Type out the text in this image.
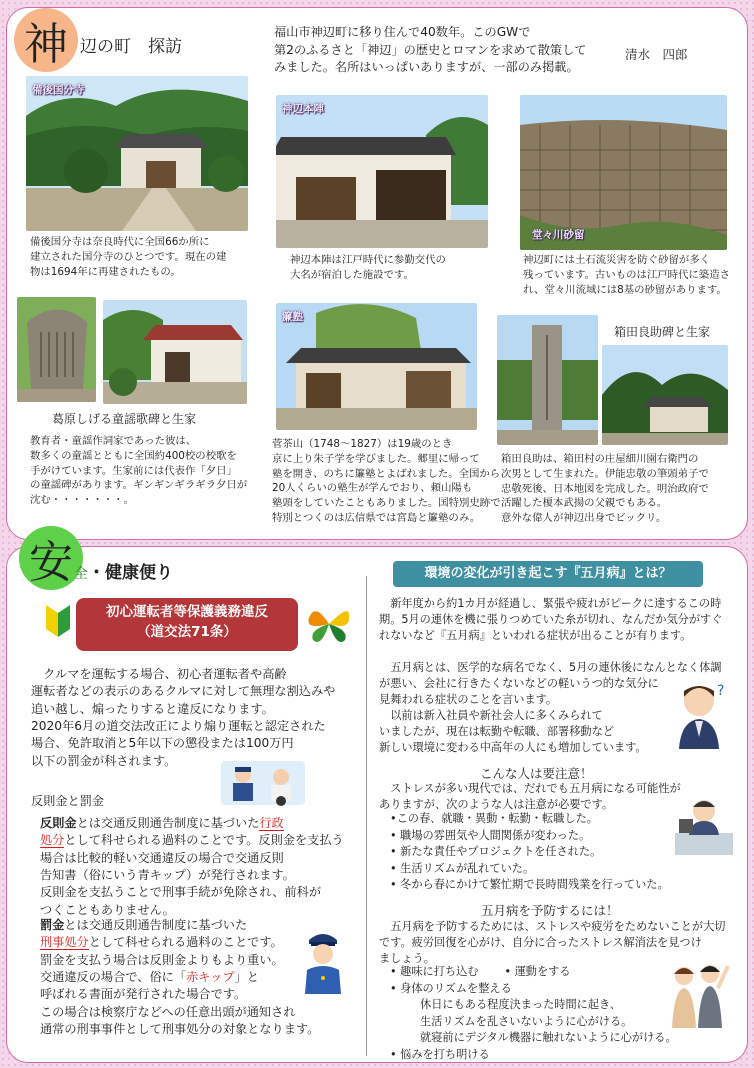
神 辺の町　探訪
福山市神辺町に移り住んで40数年。このGWで
第2のふるさと「神辺」の歴史とロマンを求めて散策して
みました。名所はいっぱいありますが、一部のみ掲載。
清水　四郎
備後国分寺
備後国分寺は奈良時代に全国66か所に
建立された国分寺のひとつです。現在の建
物は1694年に再建されたもの。
神辺本陣
神辺本陣は江戸時代に参勤交代の
大名が宿泊した施設です。
堂々川砂留
神辺町には土石流災害を防ぐ砂留が多く
残っています。古いものは江戸時代に築造さ
れ、堂々川流域には8基の砂留があります。
葛原しげる童謡歌碑と生家
教育者・童謡作詞家であった彼は、
数多くの童謡とともに全国約400校の校歌を
手がけています。生家前には代表作「夕日」
の童謡碑があります。ギンギンギラギラ夕日が
沈む・・・・・・・。
簾塾
菅茶山（1748～1827）は19歳のとき
京に上り朱子学を学びました。郷里に帰って
塾を開き、のちに簾塾とよばれました。全国から
20人くらいの塾生が学んでおり、頼山陽も
塾頭をしていたこともありました。国特別史跡で
特別とつくのは広信県では宮島と簾塾のみ。
箱田良助碑と生家
箱田良助は、箱田村の庄屋細川園右衛門の
次男として生まれた。伊能忠敬の筆頭弟子で
忠敬死後、日本地図を完成した。明治政府で
活躍した榎本武揚の父親でもある。
意外な偉人が神辺出身でビックリ。
安 全・健康便り
初心運転者等保護義務違反
（道交法71条）
　クルマを運転する場合、初心者運転者や高齢
運転者などの表示のあるクルマに対して無理な割込みや
追い越し、煽ったりすると違反になります。
2020年6月の道交法改正により煽り運転と認定された
場合、免許取消と5年以下の懲役または100万円
以下の罰金が科されます。
反則金と罰金
反則金とは交通反則通告制度に基づいた行政
処分として科せられる過料のことです。反則金を支払う
場合は比較的軽い交通違反の場合で交通反則
告知書（俗にいう青キップ）が発行されます。
反則金を支払うことで刑事手続が免除され、前科が
つくこともありません。
罰金とは交通反則通告制度に基づいた
刑事処分として科せられる過料のことです。
罰金を支払う場合は反則金よりもより重い。
交通違反の場合で、俗に「赤キップ」と
呼ばれる書面が発行された場合です。
この場合は検察庁などへの任意出頭が通知され
通常の刑事事件として刑事処分の対象となります。
環境の変化が引き起こす『五月病』とは？
　新年度から約1カ月が経過し、緊張や疲れがピークに達するこの時
期。5月の連休を機に張りつめていた糸が切れ、なんだか気分がすぐ
れないなど『五月病』といわれる症状が出ることが有ります。
　五月病とは、医学的な病名でなく、5月の連休後になんとなく体調
が悪い、会社に行きたくないなどの軽いうつ的な気分に
見舞われる症状のことを言います。
　以前は新入社員や新社会人に多くみられて
いましたが、現在は転勤や転職、部署移動など
新しい環境に変わる中高年の人にも増加しています。
?
こんな人は要注意！
　ストレスが多い現代では、だれでも五月病になる可能性が
ありますが、次のような人は注意が必要です。
•この春、就職・異動・転勤・転職した。
• 職場の雰囲気や人間関係が変わった。
• 新たな責任やプロジェクトを任された。
• 生活リズムが乱れていた。
• 冬から春にかけて繁忙期で長時間残業を行っていた。
五月病を予防するには！
　五月病を予防するためには、ストレスや疲労をためないことが大切
です。疲労回復を心がけ、自分に合ったストレス解消法を見つけ
ましょう。
• 趣味に打ち込む • 運動をする
• 身体のリズムを整える
休日にもある程度決まった時間に起き、
生活リズムを乱さいないように心がける。
就寝前にデジタル機器に触れないように心がける。
• 悩みを打ち明ける
